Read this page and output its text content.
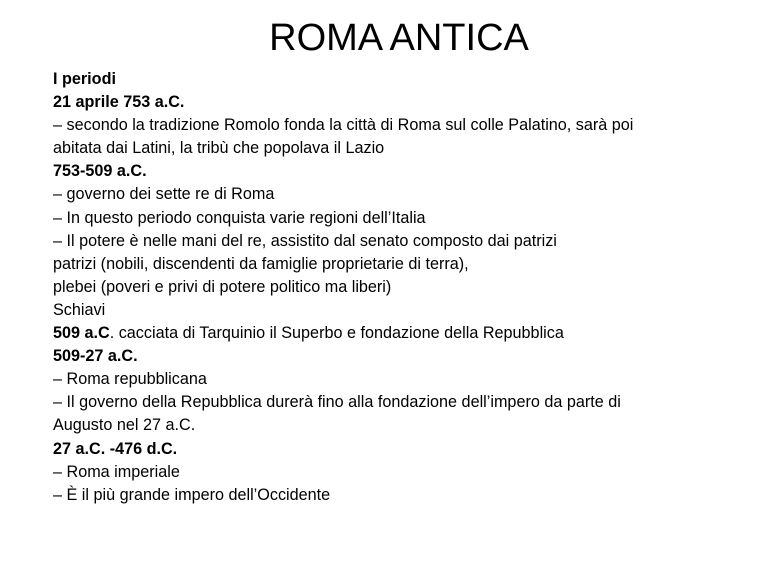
ROMA ANTICA
I periodi
21 aprile 753 a.C.
– secondo la tradizione Romolo fonda la città di Roma sul colle Palatino, sarà poi
abitata dai Latini, la tribù che popolava il Lazio
753-509 a.C.
– governo dei sette re di Roma
– In questo periodo conquista varie regioni dell’Italia
– Il potere è nelle mani del re, assistito dal senato composto dai patrizi
patrizi (nobili, discendenti da famiglie proprietarie di terra),
plebei (poveri e privi di potere politico ma liberi)
Schiavi
509 a.C. cacciata di Tarquinio il Superbo e fondazione della Repubblica
509-27 a.C.
– Roma repubblicana
– Il governo della Repubblica durerà fino alla fondazione dell’impero da parte di
Augusto nel 27 a.C.
27 a.C. -476 d.C.
– Roma imperiale
– È il più grande impero dell’Occidente
